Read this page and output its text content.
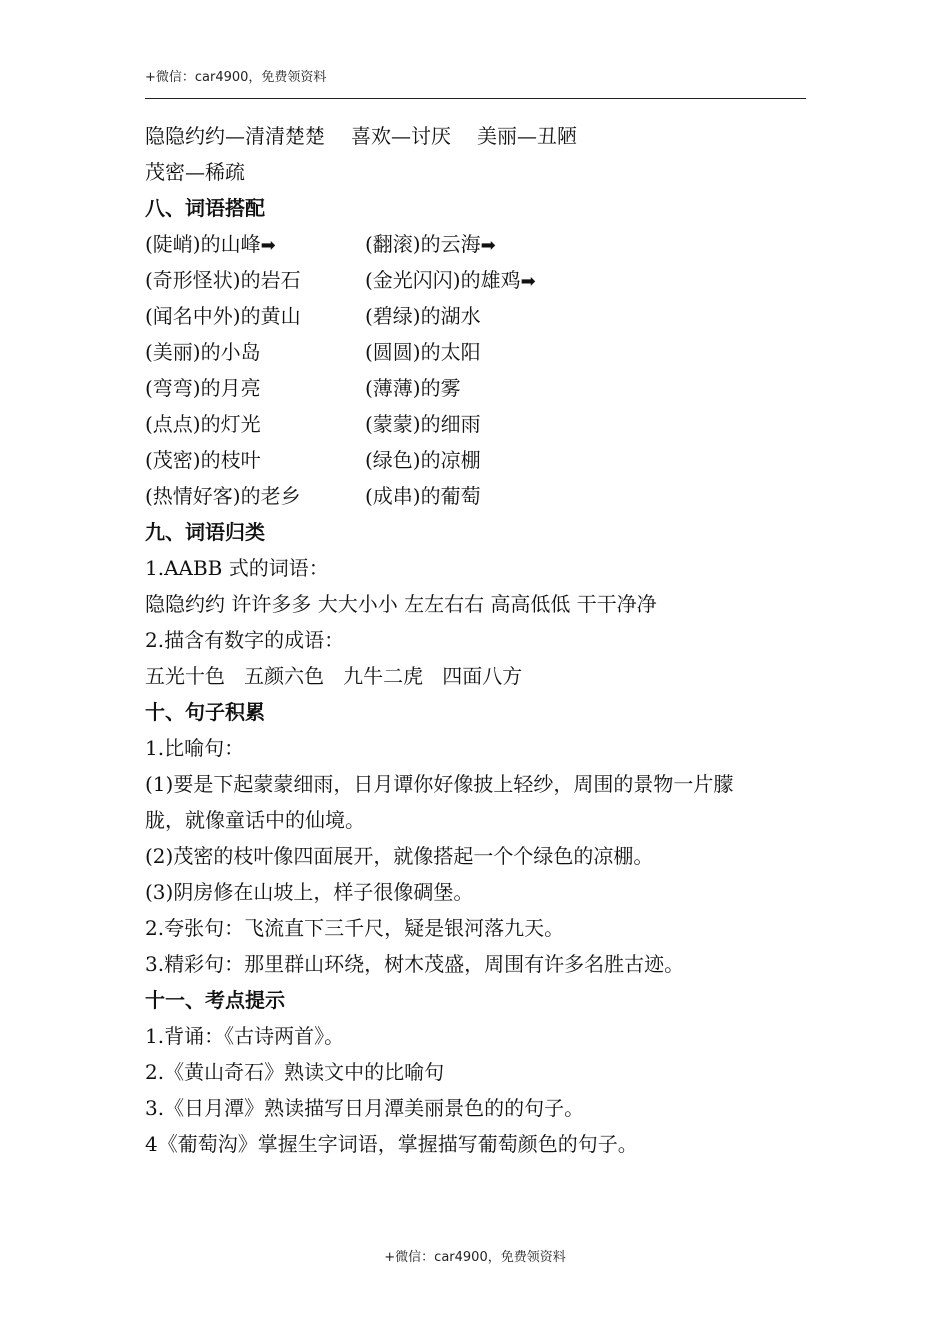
+微信：car4900，免费领资料
隐隐约约—清清楚楚 喜欢—讨厌 美丽—丑陋
茂密—稀疏
八、词语搭配
(陡峭)的山峰➡	(翻滚)的云海➡
(奇形怪状)的岩石	(金光闪闪)的雄鸡➡
(闻名中外)的黄山	(碧绿)的湖水
(美丽)的小岛	(圆圆)的太阳
(弯弯)的月亮	(薄薄)的雾
(点点)的灯光	(蒙蒙)的细雨
(茂密)的枝叶	(绿色)的凉棚
(热情好客)的老乡	(成串)的葡萄
九、词语归类
1.AABB 式的词语：
隐隐约约 许许多多 大大小小 左左右右 高高低低 干干净净
2.描含有数字的成语：
五光十色   五颜六色   九牛二虎   四面八方
十、句子积累
1.比喻句：
(1)要是下起蒙蒙细雨，日月谭你好像披上轻纱，周围的景物一片朦
胧，就像童话中的仙境。
(2)茂密的枝叶像四面展开，就像搭起一个个绿色的凉棚。
(3)阴房修在山坡上，样子很像碉堡。
2.夸张句：飞流直下三千尺，疑是银河落九天。
3.精彩句：那里群山环绕，树木茂盛，周围有许多名胜古迹。
十一、考点提示
1.背诵：《古诗两首》。
2.《黄山奇石》熟读文中的比喻句
3.《日月潭》熟读描写日月潭美丽景色的的句子。
4《葡萄沟》掌握生字词语，掌握描写葡萄颜色的句子。
+微信：car4900，免费领资料
